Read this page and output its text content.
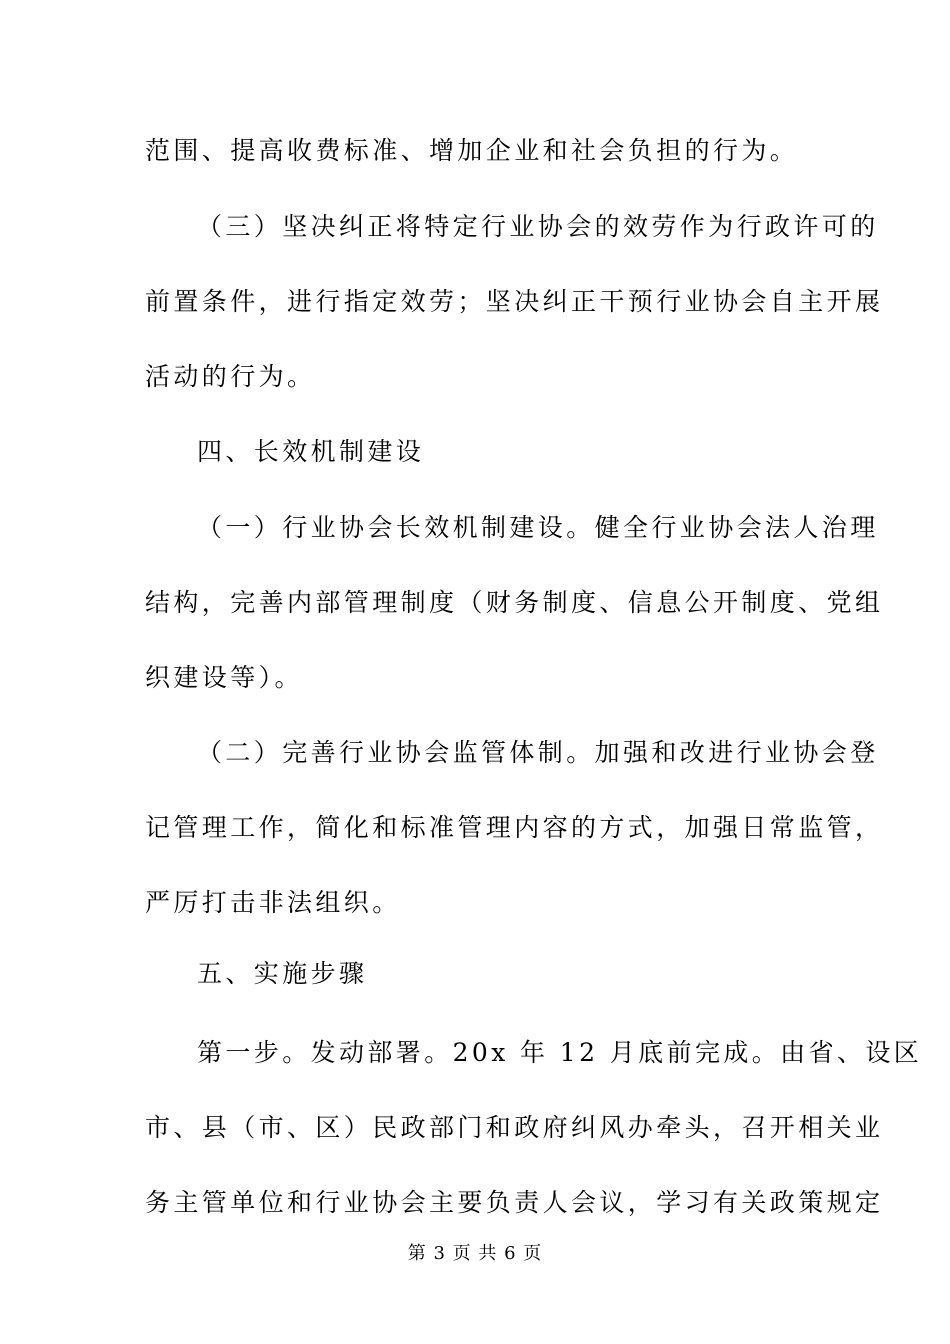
范围、提高收费标准、增加企业和社会负担的行为。
（三）坚决纠正将特定行业协会的效劳作为行政许可的
前置条件，进行指定效劳；坚决纠正干预行业协会自主开展
活动的行为。
四、长效机制建设
（一）行业协会长效机制建设。健全行业协会法人治理
结构，完善内部管理制度（财务制度、信息公开制度、党组
织建设等）。
（二）完善行业协会监管体制。加强和改进行业协会登
记管理工作，简化和标准管理内容的方式，加强日常监管，
严厉打击非法组织。
五、实施步骤
第一步。发动部署。20x 年 12 月底前完成。由省、设区
市、县（市、区）民政部门和政府纠风办牵头，召开相关业
务主管单位和行业协会主要负责人会议，学习有关政策规定
第 3 页 共 6 页
